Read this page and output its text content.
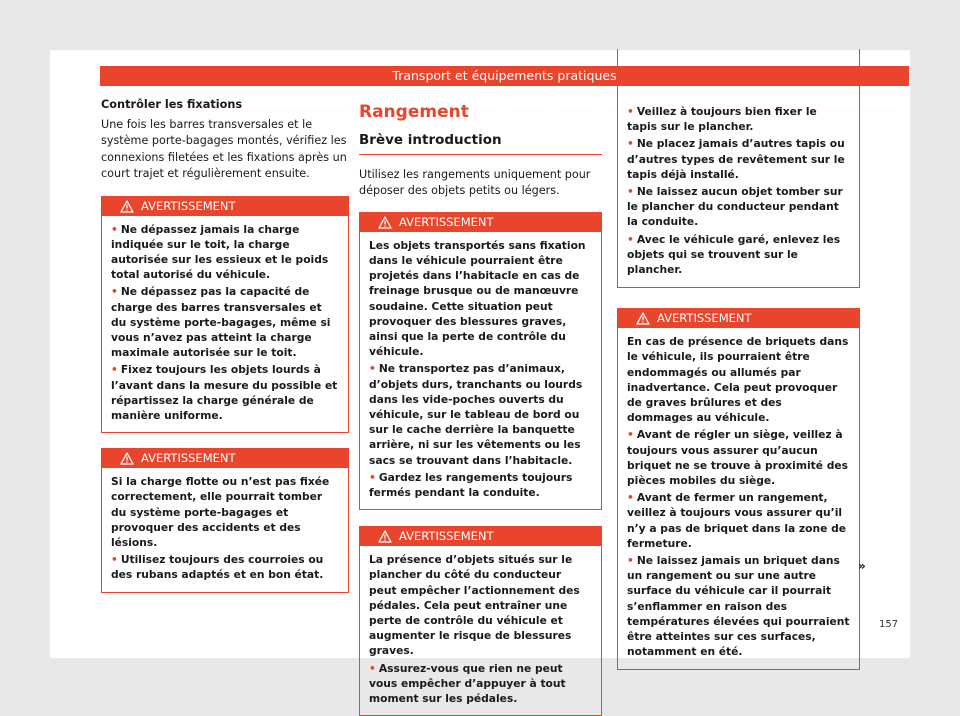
Transport et équipements pratiques

Contrôler les fixations

Une fois les barres transversales et le système porte-bagages montés, vérifiez les connexions filetées et les fixations après un court trajet et régulièrement ensuite.

AVERTISSEMENT

• Ne dépassez jamais la charge indiquée sur le toit, la charge autorisée sur les essieux et le poids total autorisé du véhicule.

• Ne dépassez pas la capacité de charge des barres transversales et du système porte-bagages, même si vous n’avez pas atteint la charge maximale autorisée sur le toit.

• Fixez toujours les objets lourds à l’avant dans la mesure du possible et répartissez la charge générale de manière uniforme.

AVERTISSEMENT

Si la charge flotte ou n’est pas fixée correctement, elle pourrait tomber du système porte-bagages et provoquer des accidents et des lésions.

• Utilisez toujours des courroies ou des rubans adaptés et en bon état.

Rangement
Brève introduction

Utilisez les rangements uniquement pour déposer des objets petits ou légers.

AVERTISSEMENT

Les objets transportés sans fixation dans le véhicule pourraient être projetés dans l’habitacle en cas de freinage brusque ou de manœuvre soudaine. Cette situation peut provoquer des blessures graves, ainsi que la perte de contrôle du véhicule.

• Ne transportez pas d’animaux, d’objets durs, tranchants ou lourds dans les vide-poches ouverts du véhicule, sur le tableau de bord ou sur le cache derrière la banquette arrière, ni sur les vêtements ou les sacs se trouvant dans l’habitacle.

• Gardez les rangements toujours fermés pendant la conduite.

AVERTISSEMENT

La présence d’objets situés sur le plancher du côté du conducteur peut empêcher l’actionnement des pédales. Cela peut entraîner une perte de contrôle du véhicule et augmenter le risque de blessures graves.

• Assurez-vous que rien ne peut vous empêcher d’appuyer à tout moment sur les pédales.

• Veillez à toujours bien fixer le tapis sur le plancher.

• Ne placez jamais d’autres tapis ou d’autres types de revêtement sur le tapis déjà installé.

• Ne laissez aucun objet tomber sur le plancher du conducteur pendant la conduite.

• Avec le véhicule garé, enlevez les objets qui se trouvent sur le plancher.

AVERTISSEMENT

En cas de présence de briquets dans le véhicule, ils pourraient être endommagés ou allumés par inadvertance. Cela peut provoquer de graves brûlures et des dommages au véhicule.

• Avant de régler un siège, veillez à toujours vous assurer qu’aucun briquet ne se trouve à proximité des pièces mobiles du siège.

• Avant de fermer un rangement, veillez à toujours vous assurer qu’il n’y a pas de briquet dans la zone de fermeture.

• Ne laissez jamais un briquet dans un rangement ou sur une autre surface du véhicule car il pourrait s’enflammer en raison des températures élevées qui pourraient être atteintes sur ces surfaces, notamment en été.

»
157
